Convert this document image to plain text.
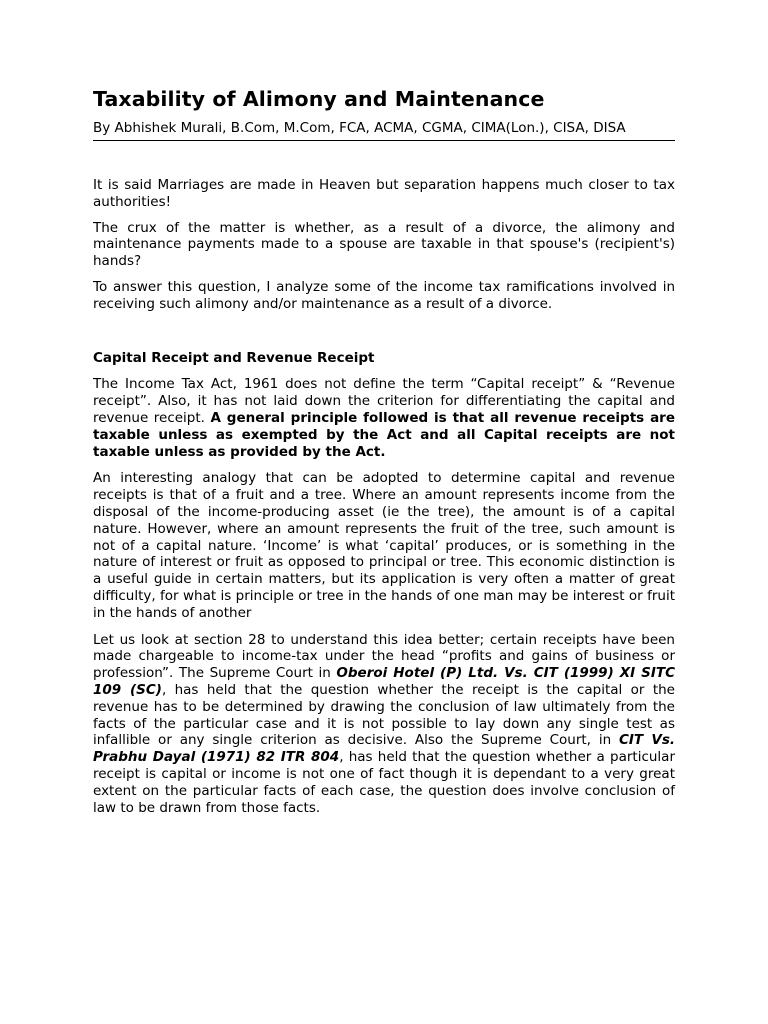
Taxability of Alimony and Maintenance

By Abhishek Murali, B.Com, M.Com, FCA, ACMA, CGMA, CIMA(Lon.), CISA, DISA

It is said Marriages are made in Heaven but separation happens much closer to tax authorities!

The crux of the matter is whether, as a result of a divorce, the alimony and maintenance payments made to a spouse are taxable in that spouse's (recipient's) hands?

To answer this question, I analyze some of the income tax ramifications involved in receiving such alimony and/or maintenance as a result of a divorce.

Capital Receipt and Revenue Receipt

The Income Tax Act, 1961 does not define the term “Capital receipt” & “Revenue receipt”. Also, it has not laid down the criterion for differentiating the capital and revenue receipt. A general principle followed is that all revenue receipts are taxable unless as exempted by the Act and all Capital receipts are not taxable unless as provided by the Act.

An interesting analogy that can be adopted to determine capital and revenue receipts is that of a fruit and a tree. Where an amount represents income from the disposal of the income-producing asset (ie the tree), the amount is of a capital nature. However, where an amount represents the fruit of the tree, such amount is not of a capital nature. ‘Income’ is what ‘capital’ produces, or is something in the nature of interest or fruit as opposed to principal or tree. This economic distinction is a useful guide in certain matters, but its application is very often a matter of great difficulty, for what is principle or tree in the hands of one man may be interest or fruit in the hands of another

Let us look at section 28 to understand this idea better; certain receipts have been made chargeable to income-tax under the head “profits and gains of business or profession”. The Supreme Court in Oberoi Hotel (P) Ltd. Vs. CIT (1999) XI SITC 109 (SC), has held that the question whether the receipt is the capital or the revenue has to be determined by drawing the conclusion of law ultimately from the facts of the particular case and it is not possible to lay down any single test as infallible or any single criterion as decisive. Also the Supreme Court, in CIT Vs. Prabhu Dayal (1971) 82 ITR 804, has held that the question whether a particular receipt is capital or income is not one of fact though it is dependant to a very great extent on the particular facts of each case, the question does involve conclusion of law to be drawn from those facts.
